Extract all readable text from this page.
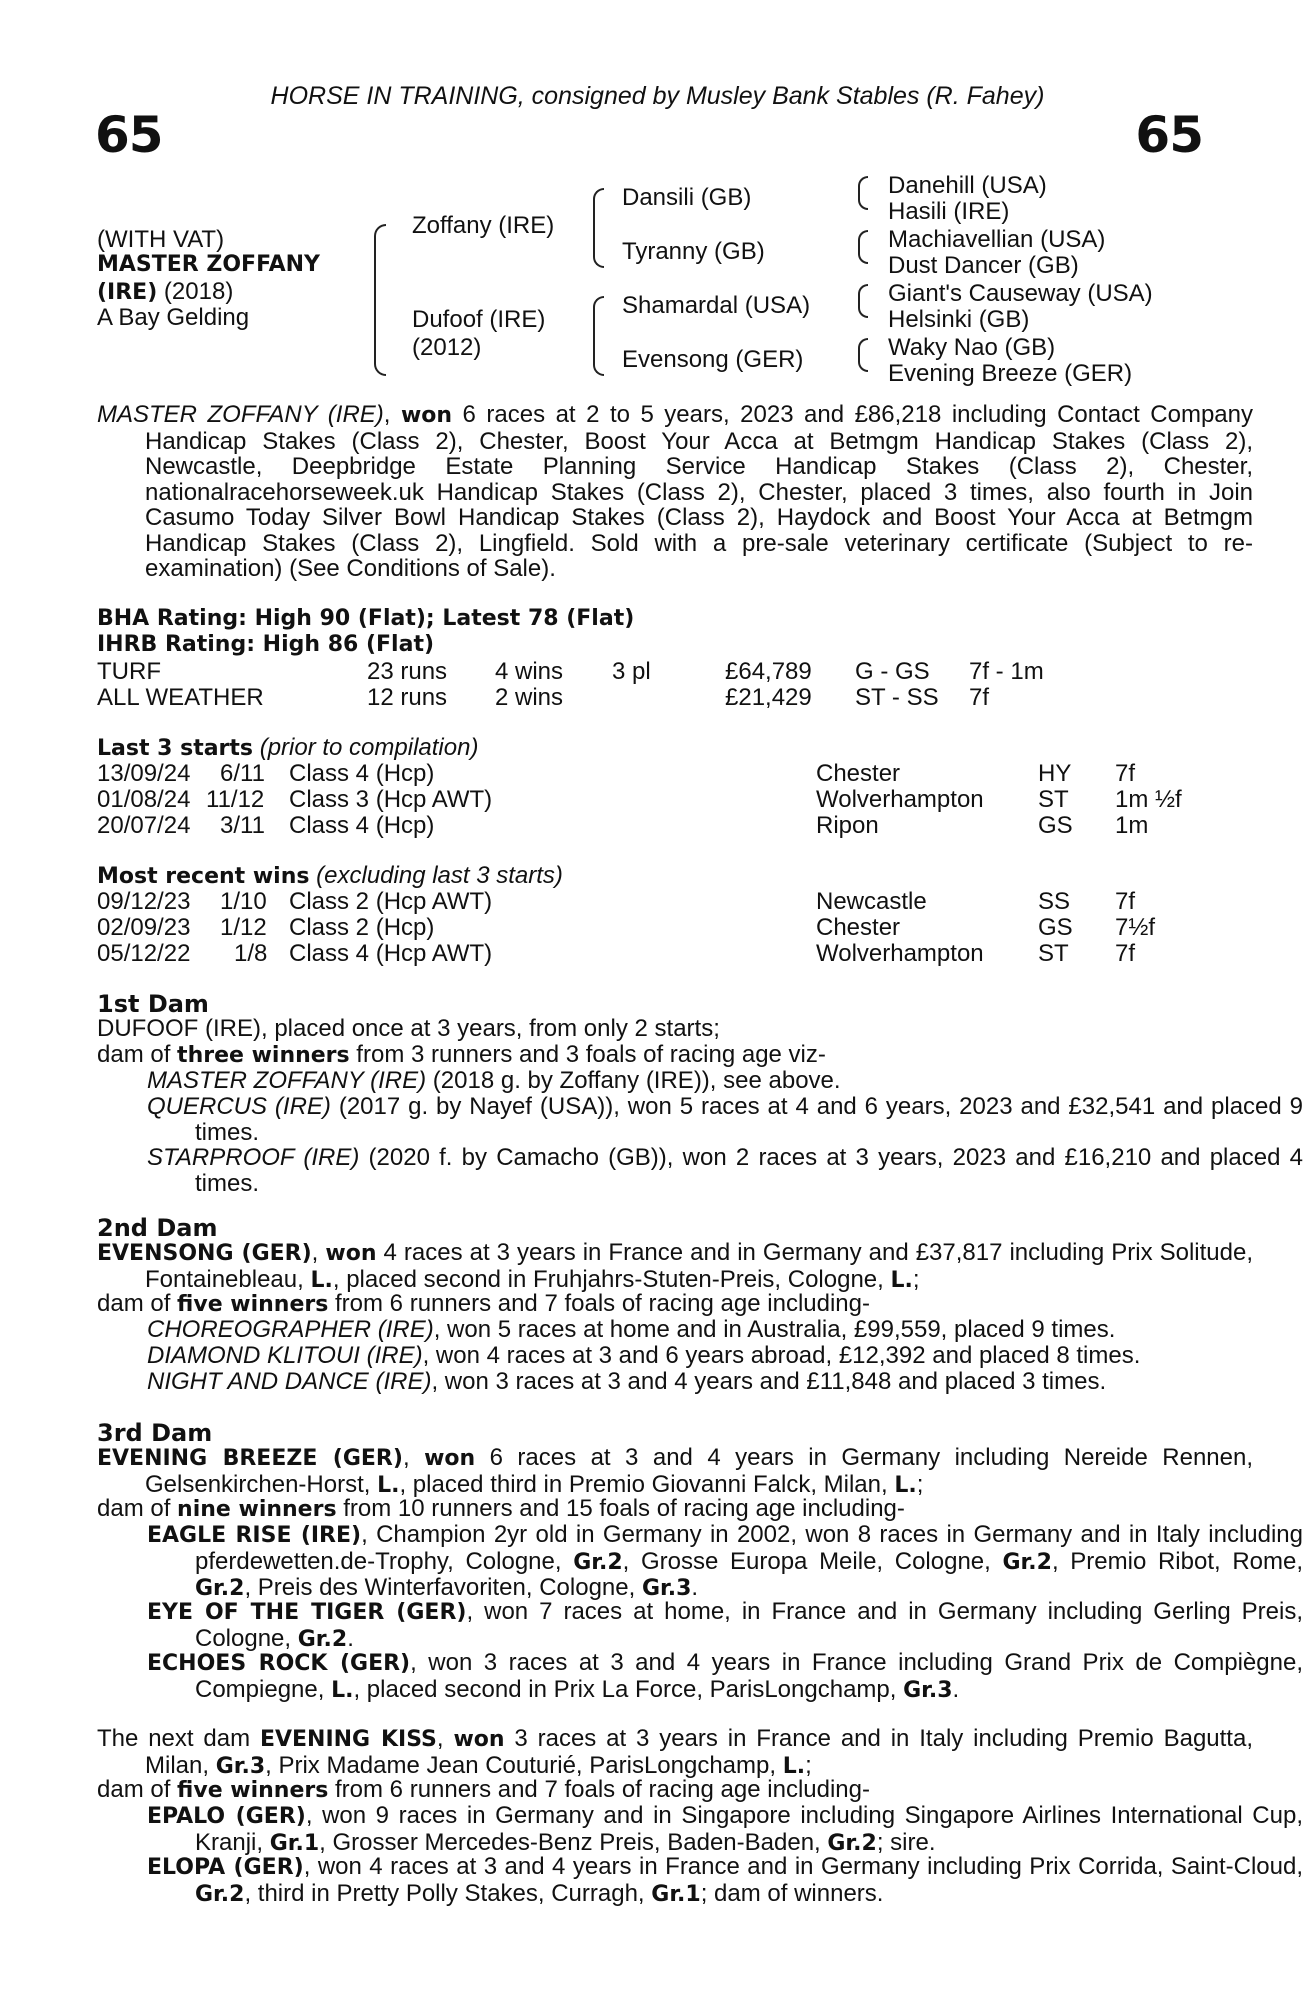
HORSE IN TRAINING, consigned by Musley Bank Stables (R. Fahey)
65	65
(WITH VAT)
MASTER ZOFFANY
(IRE) (2018)
A Bay Gelding
Zoffany (IRE)
Dufoof (IRE)
(2012)
Dansili (GB)
Tyranny (GB)
Shamardal (USA)
Evensong (GER)
Danehill (USA)
Hasili (IRE)
Machiavellian (USA)
Dust Dancer (GB)
Giant's Causeway (USA)
Helsinki (GB)
Waky Nao (GB)
Evening Breeze (GER)
MASTER ZOFFANY (IRE), won 6 races at 2 to 5 years, 2023 and £86,218 including Contact Company Handicap Stakes (Class 2), Chester, Boost Your Acca at Betmgm Handicap Stakes (Class 2), Newcastle, Deepbridge Estate Planning Service Handicap Stakes (Class 2), Chester, nationalracehorseweek.uk Handicap Stakes (Class 2), Chester, placed 3 times, also fourth in Join Casumo Today Silver Bowl Handicap Stakes (Class 2), Haydock and Boost Your Acca at Betmgm Handicap Stakes (Class 2), Lingfield. Sold with a pre-sale veterinary certificate (Subject to re-examination) (See Conditions of Sale).
BHA Rating: High 90 (Flat); Latest 78 (Flat)
IHRB Rating: High 86 (Flat)
TURF	23 runs 4 wins 3 pl	£64,789 G - GS 7f - 1m
ALL WEATHER	12 runs 2 wins	£21,429 ST - SS 7f
Last 3 starts (prior to compilation)
13/09/24 6/11 Class 4 (Hcp)	Chester	HY 7f
01/08/24 11/12 Class 3 (Hcp AWT)	Wolverhampton ST 1m ½f
20/07/24 3/11 Class 4 (Hcp)	Ripon	GS 1m
Most recent wins (excluding last 3 starts)
09/12/23 1/10 Class 2 (Hcp AWT)	Newcastle	SS 7f
02/09/23 1/12 Class 2 (Hcp)	Chester	GS 7½f
05/12/22 1/8 Class 4 (Hcp AWT)	Wolverhampton ST 7f
1st Dam
DUFOOF (IRE), placed once at 3 years, from only 2 starts;
dam of three winners from 3 runners and 3 foals of racing age viz-
MASTER ZOFFANY (IRE) (2018 g. by Zoffany (IRE)), see above.
QUERCUS (IRE) (2017 g. by Nayef (USA)), won 5 races at 4 and 6 years, 2023 and £32,541 and placed 9 times.
STARPROOF (IRE) (2020 f. by Camacho (GB)), won 2 races at 3 years, 2023 and £16,210 and placed 4 times.
2nd Dam
EVENSONG (GER), won 4 races at 3 years in France and in Germany and £37,817 including Prix Solitude, Fontainebleau, L., placed second in Fruhjahrs-Stuten-Preis, Cologne, L.;
dam of five winners from 6 runners and 7 foals of racing age including-
CHOREOGRAPHER (IRE), won 5 races at home and in Australia, £99,559, placed 9 times.
DIAMOND KLITOUI (IRE), won 4 races at 3 and 6 years abroad, £12,392 and placed 8 times.
NIGHT AND DANCE (IRE), won 3 races at 3 and 4 years and £11,848 and placed 3 times.
3rd Dam
EVENING BREEZE (GER), won 6 races at 3 and 4 years in Germany including Nereide Rennen, Gelsenkirchen-Horst, L., placed third in Premio Giovanni Falck, Milan, L.;
dam of nine winners from 10 runners and 15 foals of racing age including-
EAGLE RISE (IRE), Champion 2yr old in Germany in 2002, won 8 races in Germany and in Italy including pferdewetten.de-Trophy, Cologne, Gr.2, Grosse Europa Meile, Cologne, Gr.2, Premio Ribot, Rome, Gr.2, Preis des Winterfavoriten, Cologne, Gr.3.
EYE OF THE TIGER (GER), won 7 races at home, in France and in Germany including Gerling Preis, Cologne, Gr.2.
ECHOES ROCK (GER), won 3 races at 3 and 4 years in France including Grand Prix de Compiègne, Compiegne, L., placed second in Prix La Force, ParisLongchamp, Gr.3.
The next dam EVENING KISS, won 3 races at 3 years in France and in Italy including Premio Bagutta, Milan, Gr.3, Prix Madame Jean Couturié, ParisLongchamp, L.;
dam of five winners from 6 runners and 7 foals of racing age including-
EPALO (GER), won 9 races in Germany and in Singapore including Singapore Airlines International Cup, Kranji, Gr.1, Grosser Mercedes-Benz Preis, Baden-Baden, Gr.2; sire.
ELOPA (GER), won 4 races at 3 and 4 years in France and in Germany including Prix Corrida, Saint-Cloud, Gr.2, third in Pretty Polly Stakes, Curragh, Gr.1; dam of winners.
